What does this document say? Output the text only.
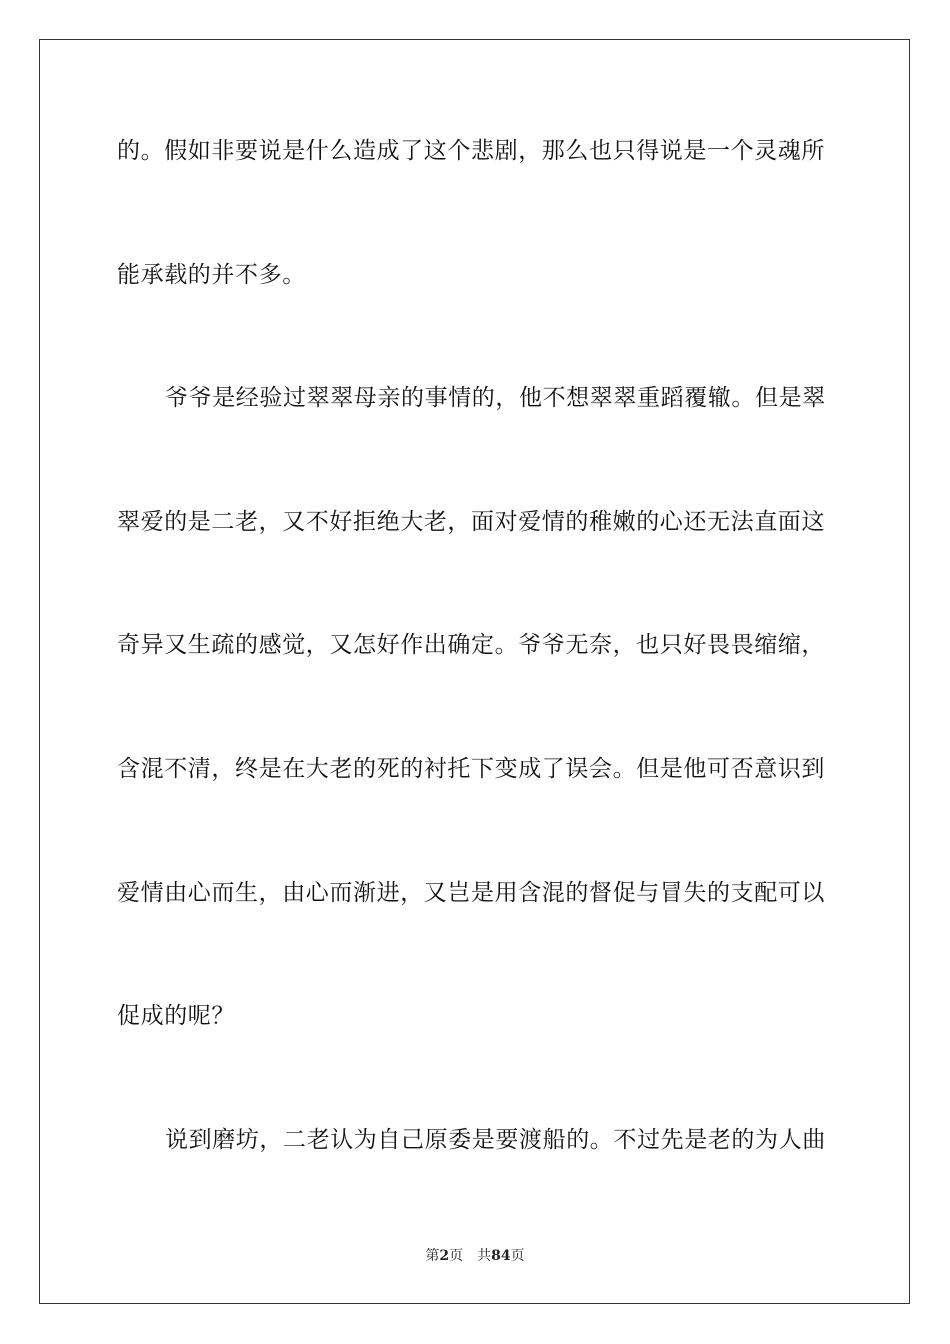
的。假如非要说是什么造成了这个悲剧，那么也只得说是一个灵魂所
能承载的并不多。
爷爷是经验过翠翠母亲的事情的，他不想翠翠重蹈覆辙。但是翠
翠爱的是二老，又不好拒绝大老，面对爱情的稚嫩的心还无法直面这
奇异又生疏的感觉，又怎好作出确定。爷爷无奈，也只好畏畏缩缩，
含混不清，终是在大老的死的衬托下变成了误会。但是他可否意识到
爱情由心而生，由心而渐进，又岂是用含混的督促与冒失的支配可以
促成的呢？
说到磨坊，二老认为自己原委是要渡船的。不过先是老的为人曲
第2页 共84页
